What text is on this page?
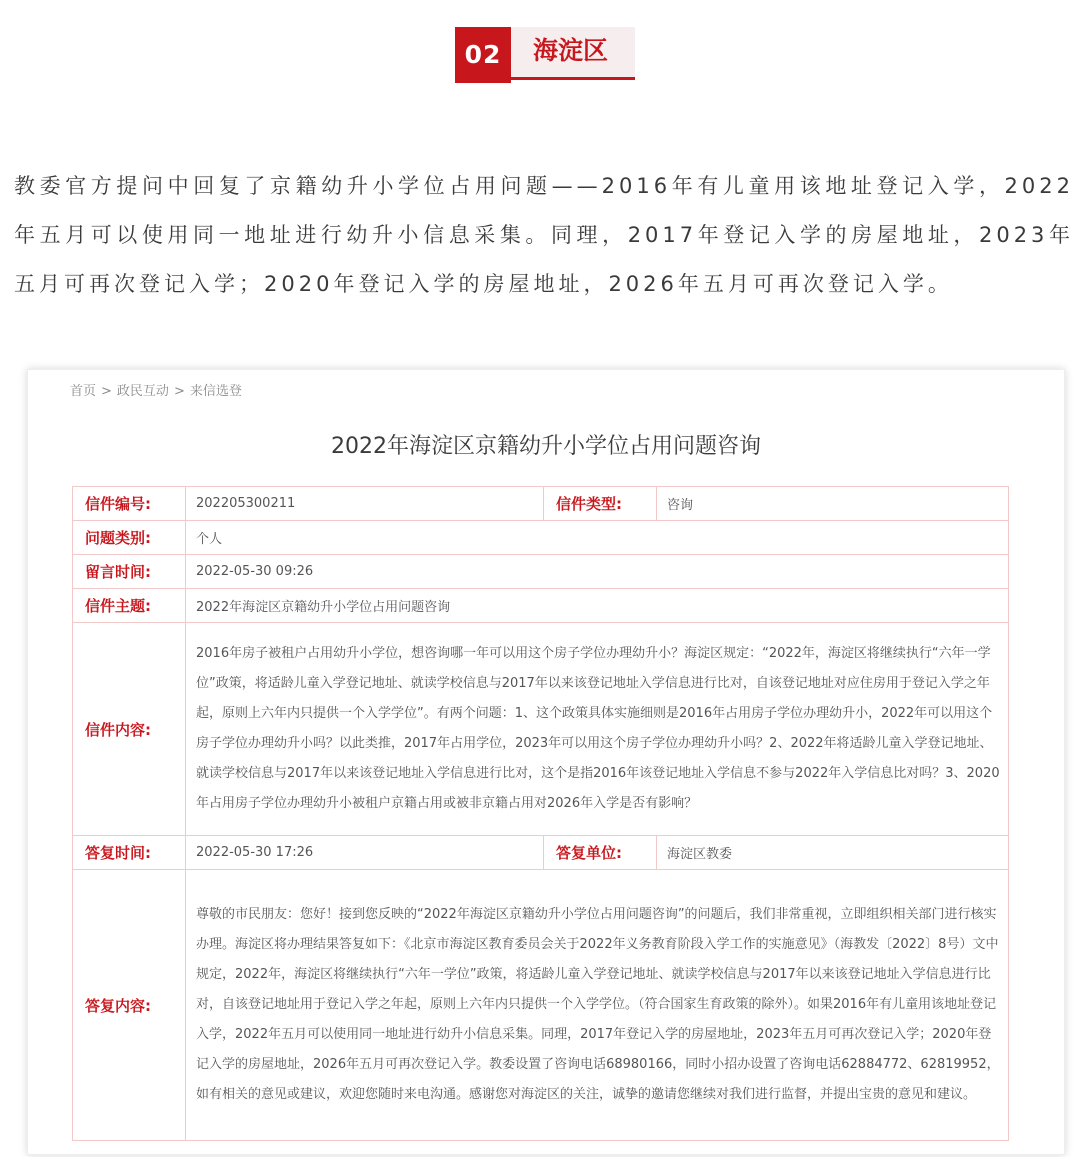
02	海淀区

教委官方提问中回复了京籍幼升小学位占用问题——2016年有儿童用该地址登记入学，2022年五月可以使用同一地址进行幼升小信息采集。同理，2017年登记入学的房屋地址，2023年五月可再次登记入学；2020年登记入学的房屋地址，2026年五月可再次登记入学。

首页 > 政民互动 > 来信选登
2022年海淀区京籍幼升小学位占用问题咨询
信件编号:	202205300211	信件类型:	咨询
问题类别:	个人		
留言时间:	2022-05-30 09:26		
信件主题:	2022年海淀区京籍幼升小学位占用问题咨询		
信件内容:	2016年房子被租户占用幼升小学位，想咨询哪一年可以用这个房子学位办理幼升小？海淀区规定：“2022年，海淀区将继续执行“六年一学位”政策，将适龄儿童入学登记地址、就读学校信息与2017年以来该登记地址入学信息进行比对，自该登记地址对应住房用于登记入学之年起，原则上六年内只提供一个入学学位”。有两个问题：1、这个政策具体实施细则是2016年占用房子学位办理幼升小，2022年可以用这个房子学位办理幼升小吗？以此类推，2017年占用学位，2023年可以用这个房子学位办理幼升小吗？2、2022年将适龄儿童入学登记地址、就读学校信息与2017年以来该登记地址入学信息进行比对，这个是指2016年该登记地址入学信息不参与2022年入学信息比对吗？3、2020年占用房子学位办理幼升小被租户京籍占用或被非京籍占用对2026年入学是否有影响？		
答复时间:	2022-05-30 17:26	答复单位:	海淀区教委
答复内容:	尊敬的市民朋友：您好！接到您反映的“2022年海淀区京籍幼升小学位占用问题咨询”的问题后，我们非常重视，立即组织相关部门进行核实办理。海淀区将办理结果答复如下：《北京市海淀区教育委员会关于2022年义务教育阶段入学工作的实施意见》（海教发〔2022〕8号）文中规定，2022年，海淀区将继续执行“六年一学位”政策，将适龄儿童入学登记地址、就读学校信息与2017年以来该登记地址入学信息进行比对，自该登记地址用于登记入学之年起，原则上六年内只提供一个入学学位。（符合国家生育政策的除外）。如果2016年有儿童用该地址登记入学，2022年五月可以使用同一地址进行幼升小信息采集。同理，2017年登记入学的房屋地址，2023年五月可再次登记入学；2020年登记入学的房屋地址，2026年五月可再次登记入学。教委设置了咨询电话68980166，同时小招办设置了咨询电话62884772、62819952，如有相关的意见或建议，欢迎您随时来电沟通。感谢您对海淀区的关注，诚挚的邀请您继续对我们进行监督，并提出宝贵的意见和建议。		
